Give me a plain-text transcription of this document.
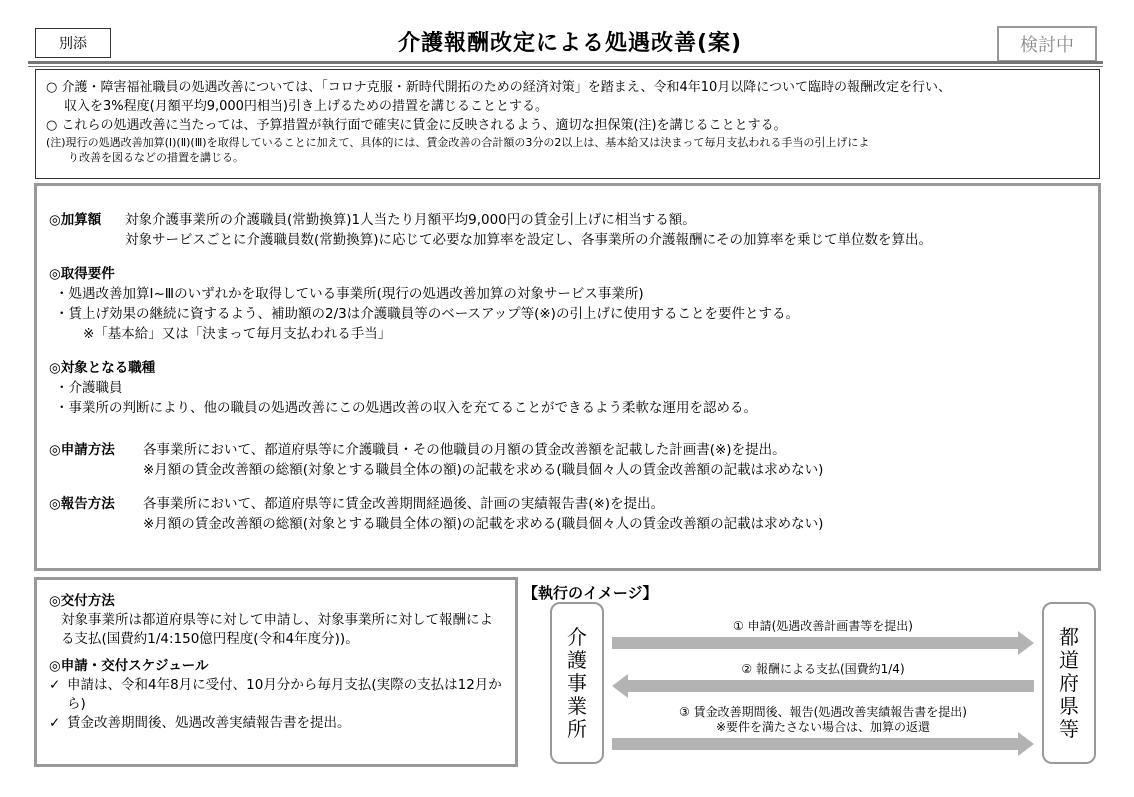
別添	介護報酬改定による処遇改善(案)	検討中
○ 介護・障害福祉職員の処遇改善については、「コロナ克服・新時代開拓のための経済対策」を踏まえ、令和4年10月以降について臨時の報酬改定を行い、
収入を3%程度(月額平均9,000円相当)引き上げるための措置を講じることとする。
○ これらの処遇改善に当たっては、予算措置が執行面で確実に賃金に反映されるよう、適切な担保策(注)を講じることとする。
(注)現行の処遇改善加算(Ⅰ)(Ⅱ)(Ⅲ)を取得していることに加えて、具体的には、賃金改善の合計額の3分の2以上は、基本給又は決まって毎月支払われる手当の引上げによ
り改善を図るなどの措置を講じる。
◎加算額	対象介護事業所の介護職員(常勤換算)1人当たり月額平均9,000円の賃金引上げに相当する額。
対象サービスごとに介護職員数(常勤換算)に応じて必要な加算率を設定し、各事業所の介護報酬にその加算率を乗じて単位数を算出。
◎取得要件
・ 処遇改善加算Ⅰ~Ⅲのいずれかを取得している事業所(現行の処遇改善加算の対象サービス事業所)
・ 賃上げ効果の継続に資するよう、補助額の2/3は介護職員等のベースアップ等(※)の引上げに使用することを要件とする。
※「基本給」又は「決まって毎月支払われる手当」
◎対象となる職種
・ 介護職員
・ 事業所の判断により、他の職員の処遇改善にこの処遇改善の収入を充てることができるよう柔軟な運用を認める。
◎申請方法	各事業所において、都道府県等に介護職員・その他職員の月額の賃金改善額を記載した計画書(※)を提出。
※月額の賃金改善額の総額(対象とする職員全体の額)の記載を求める(職員個々人の賃金改善額の記載は求めない)
◎報告方法	各事業所において、都道府県等に賃金改善期間経過後、計画の実績報告書(※)を提出。
※月額の賃金改善額の総額(対象とする職員全体の額)の記載を求める(職員個々人の賃金改善額の記載は求めない)
◎交付方法
対象事業所は都道府県等に対して申請し、対象事業所に対して報酬による支払(国費約1/4:150億円程度(令和4年度分))。
◎申請・交付スケジュール
✓ 申請は、令和4年8月に受付、10月分から毎月支払(実際の支払は12月から)
✓ 賃金改善期間後、処遇改善実績報告書を提出。
【執行のイメージ】
介
護
事
業
所
都
道
府
県
等
① 申請(処遇改善計画書等を提出)
② 報酬による支払(国費約1/4)
③ 賃金改善期間後、報告(処遇改善実績報告書を提出)
※要件を満たさない場合は、加算の返還
